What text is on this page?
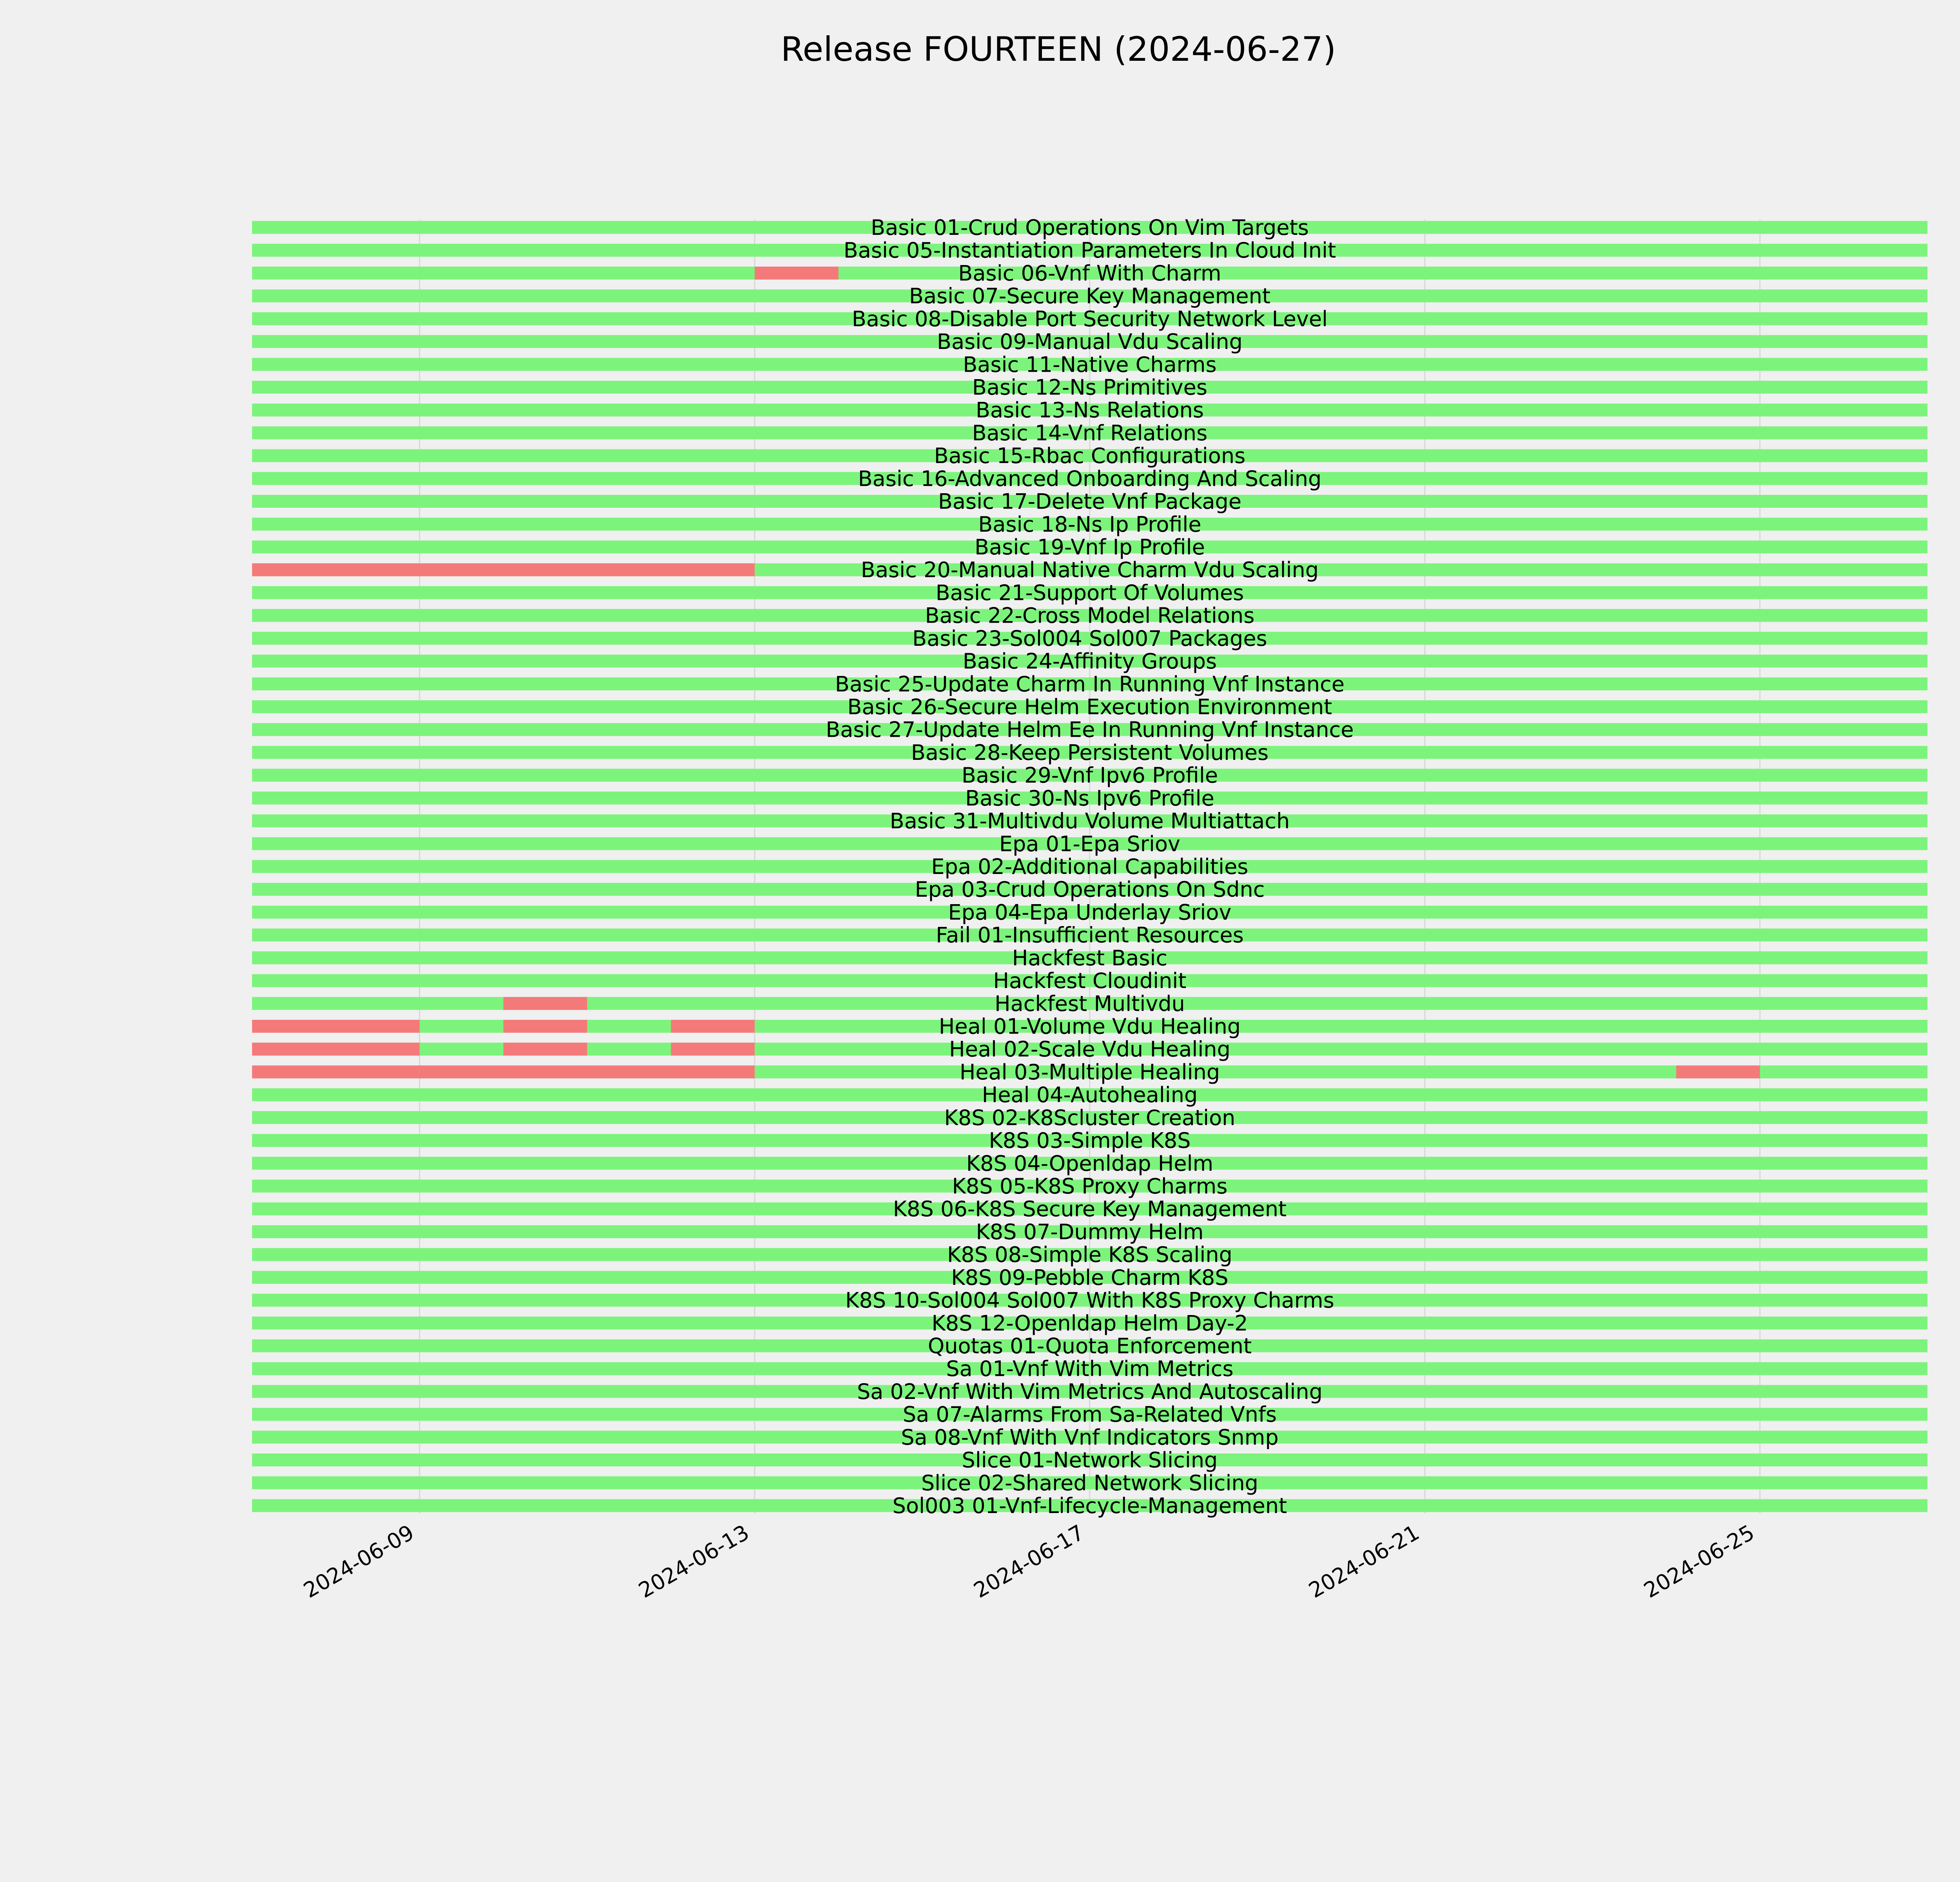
Release FOURTEEN (2024-06-27)
Basic 01-Crud Operations On Vim Targets
Basic 05-Instantiation Parameters In Cloud Init
Basic 06-Vnf With Charm
Basic 07-Secure Key Management
Basic 08-Disable Port Security Network Level
Basic 09-Manual Vdu Scaling
Basic 11-Native Charms
Basic 12-Ns Primitives
Basic 13-Ns Relations
Basic 14-Vnf Relations
Basic 15-Rbac Configurations
Basic 16-Advanced Onboarding And Scaling
Basic 17-Delete Vnf Package
Basic 18-Ns Ip Profile
Basic 19-Vnf Ip Profile
Basic 20-Manual Native Charm Vdu Scaling
Basic 21-Support Of Volumes
Basic 22-Cross Model Relations
Basic 23-Sol004 Sol007 Packages
Basic 24-Affinity Groups
Basic 25-Update Charm In Running Vnf Instance
Basic 26-Secure Helm Execution Environment
Basic 27-Update Helm Ee In Running Vnf Instance
Basic 28-Keep Persistent Volumes
Basic 29-Vnf Ipv6 Profile
Basic 30-Ns Ipv6 Profile
Basic 31-Multivdu Volume Multiattach
Epa 01-Epa Sriov
Epa 02-Additional Capabilities
Epa 03-Crud Operations On Sdnc
Epa 04-Epa Underlay Sriov
Fail 01-Insufficient Resources
Hackfest Basic
Hackfest Cloudinit
Hackfest Multivdu
Heal 01-Volume Vdu Healing
Heal 02-Scale Vdu Healing
Heal 03-Multiple Healing
Heal 04-Autohealing
K8S 02-K8Scluster Creation
K8S 03-Simple K8S
K8S 04-Openldap Helm
K8S 05-K8S Proxy Charms
K8S 06-K8S Secure Key Management
K8S 07-Dummy Helm
K8S 08-Simple K8S Scaling
K8S 09-Pebble Charm K8S
K8S 10-Sol004 Sol007 With K8S Proxy Charms
K8S 12-Openldap Helm Day-2
Quotas 01-Quota Enforcement
Sa 01-Vnf With Vim Metrics
Sa 02-Vnf With Vim Metrics And Autoscaling
Sa 07-Alarms From Sa-Related Vnfs
Sa 08-Vnf With Vnf Indicators Snmp
Slice 01-Network Slicing
Slice 02-Shared Network Slicing
Sol003 01-Vnf-Lifecycle-Management
2024-06-09	2024-06-13	2024-06-17	2024-06-21	2024-06-25
